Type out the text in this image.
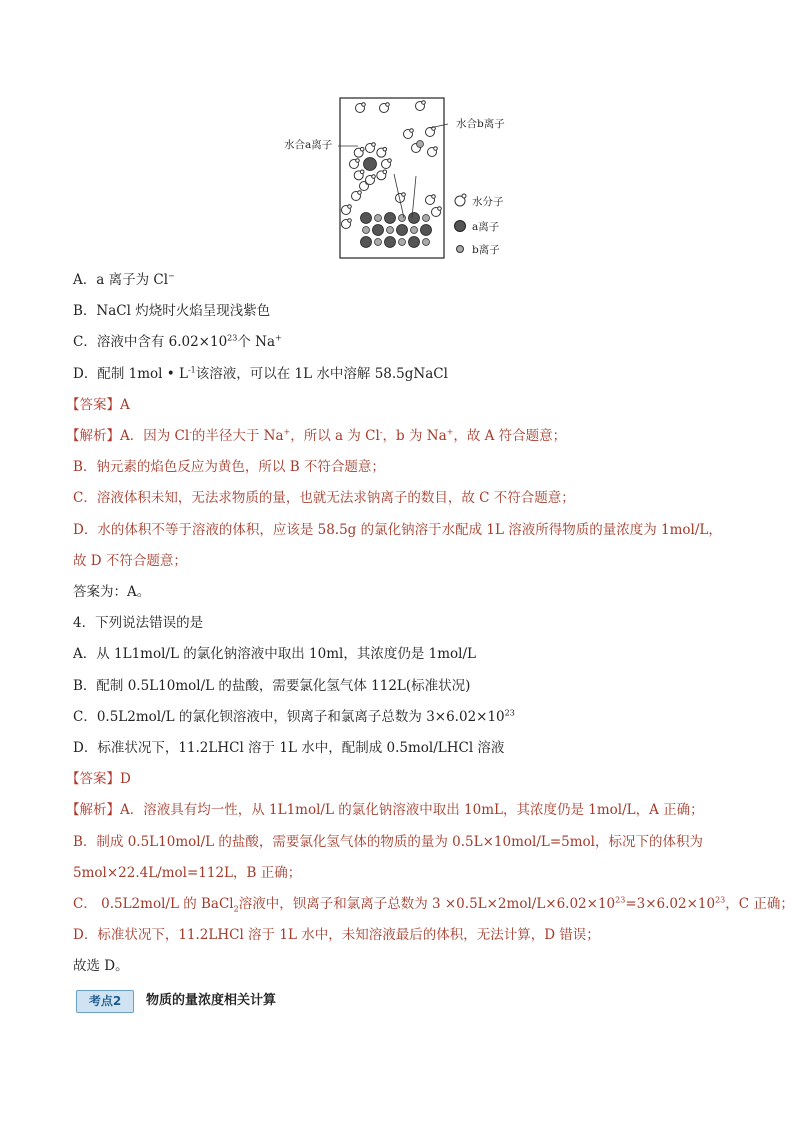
水合a离子
水合b离子
水分子
a离子
b离子
A．a 离子为 Cl−
B．NaCl 灼烧时火焰呈现浅紫色
C．溶液中含有 $6.02\times 10^{23}$个 Na+
D．配制 1mol • $L^{-1}$该溶液，可以在 1L 水中溶解 58.5gNaCl
【答案】A
【解析】A．因为 Cl-的半径大于 Na+，所以 a 为 Cl-，b 为 Na+，故 A 符合题意；
B．钠元素的焰色反应为黄色，所以 B 不符合题意；
C．溶液体积未知，无法求物质的量，也就无法求钠离子的数目，故 C 不符合题意；
D．水的体积不等于溶液的体积，应该是 58.5g 的氯化钠溶于水配成 1L 溶液所得物质的量浓度为 1mol/L，
故 D 不符合题意；
答案为：A。
4．下列说法错误的是
A．从 1L1mol/L 的氯化钠溶液中取出 10ml，其浓度仍是 1mol/L
B．配制 0.5L10mol/L 的盐酸，需要氯化氢气体 112L(标准状况)
C．0.5L2mol/L 的氯化钡溶液中，钡离子和氯离子总数为 $3\times 6.02\times 10^{23}$
D．标准状况下，11.2LHCl 溶于 1L 水中，配制成 0.5mol/LHCl 溶液
【答案】D
【解析】A．溶液具有均一性，从 1L1mol/L 的氯化钠溶液中取出 10mL，其浓度仍是 1mol/L，A 正确；
B．制成 0.5L10mol/L 的盐酸，需要氯化氢气体的物质的量为 0.5L×10mol/L=5mol，标况下的体积为
5mol×22.4L/mol=112L，B 正确；
C． 0.5L2mol/L 的 BaCl$_2$溶液中，钡离子和氯离子总数为 $3 \times 0.5L\times 2mol/L\times 6.02\times 10^{23}=3\times 6.02\times 10^{23}$，C 正确；
D．标准状况下，11.2LHCl 溶于 1L 水中，未知溶液最后的体积，无法计算，D 错误；
故选 D。
考点2	物质的量浓度相关计算
